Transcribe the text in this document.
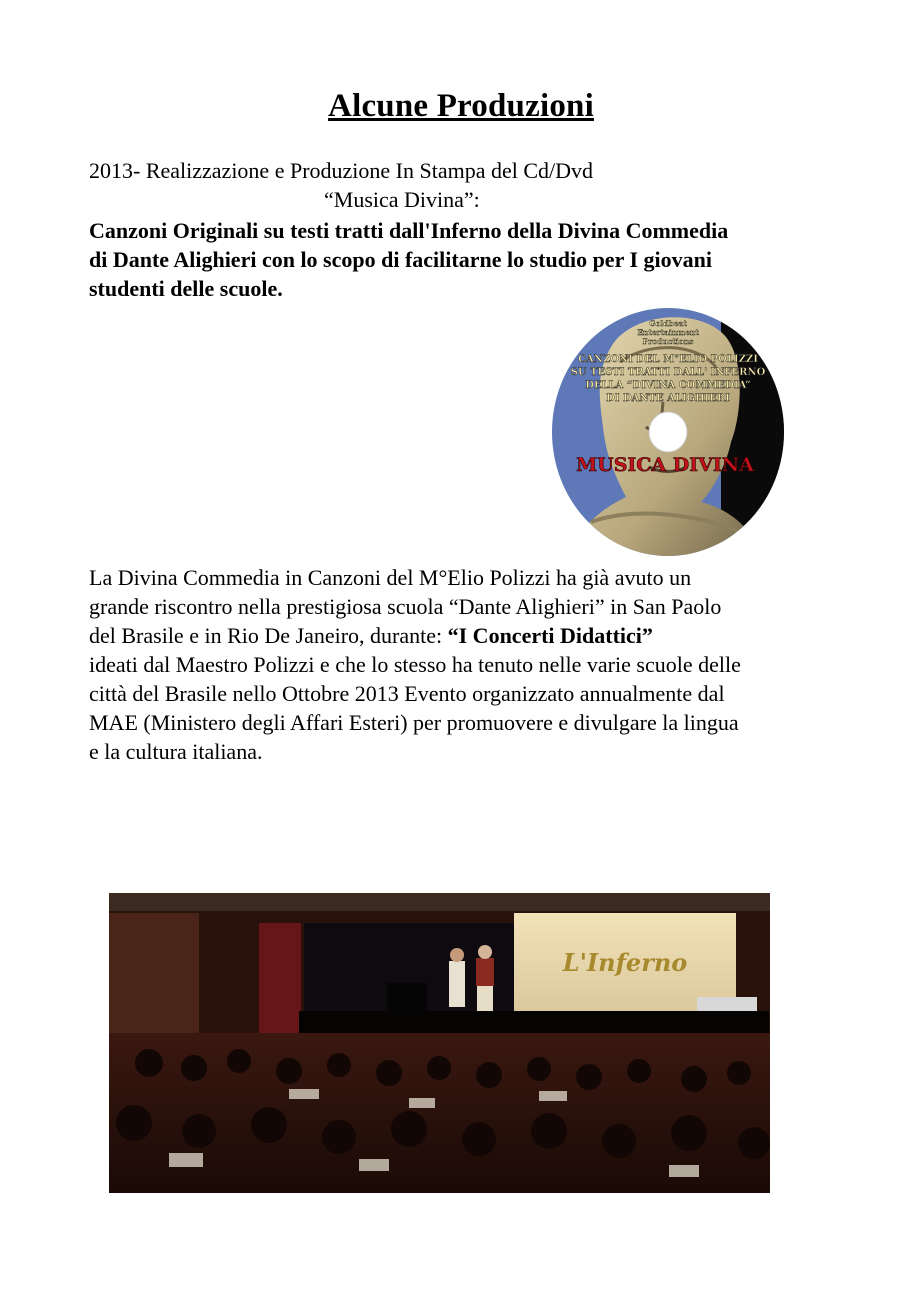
Alcune Produzioni
2013- Realizzazione e Produzione In Stampa del Cd/Dvd
“Musica Divina”:

Canzoni Originali su testi tratti dall'Inferno della Divina Commedia

di Dante Alighieri con lo scopo di facilitarne lo studio per I giovani

studenti delle scuole.

Goldbeat
Entertainment
Productions
CANZONI DEL M°ELIO POLIZZI
SU TESTI TRATTI DALL' INFERNO
DELLA “DIVINA COMMEDIA”
DI DANTE ALIGHIERI
MUSICA DIVINA

La Divina Commedia in Canzoni del M°Elio Polizzi ha già avuto un

grande riscontro nella prestigiosa scuola “Dante Alighieri” in San Paolo

del Brasile e in Rio De Janeiro, durante: “I Concerti Didattici”

ideati dal Maestro Polizzi e che lo stesso ha tenuto nelle varie scuole delle

città del Brasile nello Ottobre 2013 Evento organizzato annualmente dal

MAE (Ministero degli Affari Esteri) per promuovere e divulgare la lingua

e la cultura italiana.

L'Inferno
